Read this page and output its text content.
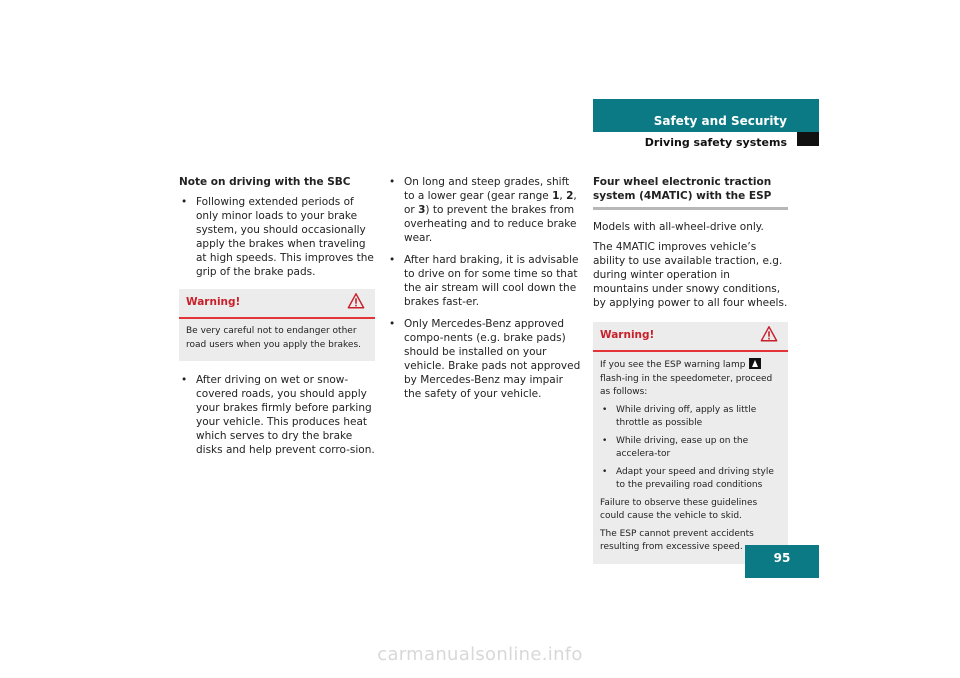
Safety and Security
Driving safety systems

Note on driving with the SBC

• Following extended periods of only minor loads to your brake system, you should occasionally apply the brakes when traveling at high speeds. This improves the grip of the brake pads.
Warning!

Be very careful not to endanger other road users when you apply the brakes.

• After driving on wet or snow-covered roads, you should apply your brakes firmly before parking your vehicle. This produces heat which serves to dry the brake disks and help prevent corro-sion.
• On long and steep grades, shift to a lower gear (gear range 1, 2, or 3) to prevent the brakes from overheating and to reduce brake wear.
• After hard braking, it is advisable to drive on for some time so that the air stream will cool down the brakes fast-er.
• Only Mercedes-Benz approved compo-nents (e.g. brake pads) should be installed on your vehicle. Brake pads not approved by Mercedes-Benz may impair the safety of your vehicle.
Four wheel electronic traction system (4MATIC) with the ESP

Models with all-wheel-drive only.

The 4MATIC improves vehicle’s ability to use available traction, e.g. during winter operation in mountains under snowy conditions, by applying power to all four wheels.

Warning!

If you see the ESP warning lamp  flash-ing in the speedometer, proceed as follows:

• While driving off, apply as little throttle as possible
• While driving, ease up on the accelera-tor
• Adapt your speed and driving style to the prevailing road conditions

Failure to observe these guidelines could cause the vehicle to skid.

The ESP cannot prevent accidents resulting from excessive speed.

95
carmanualsonline.info
